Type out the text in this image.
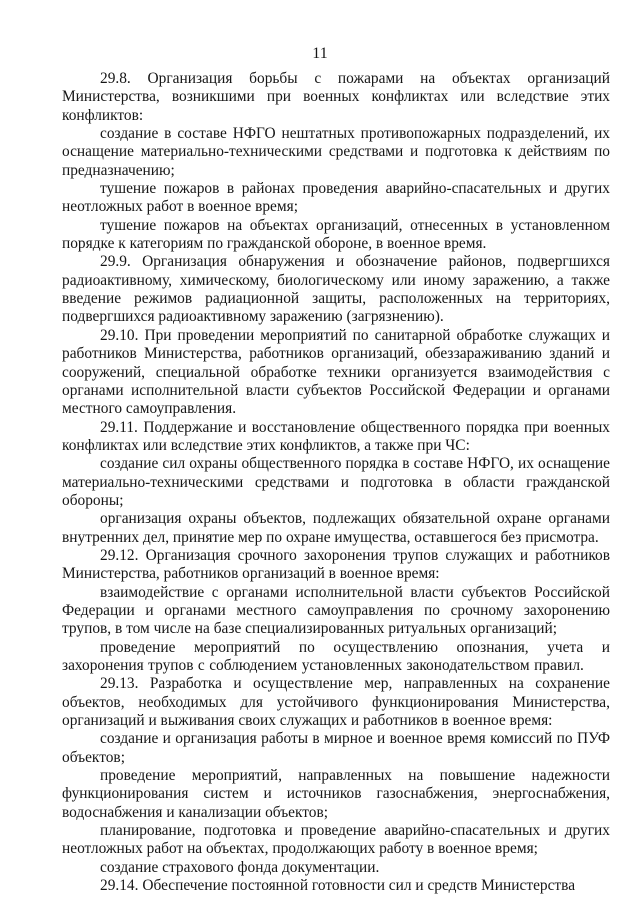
11

29.8. Организация борьбы с пожарами на объектах организаций Министерства, возникшими при военных конфликтах или вследствие этих конфликтов:

создание в составе НФГО нештатных противопожарных подразделений, их оснащение материально-техническими средствами и подготовка к действиям по предназначению;

тушение пожаров в районах проведения аварийно-спасательных и других неотложных работ в военное время;

тушение пожаров на объектах организаций, отнесенных в установленном порядке к категориям по гражданской обороне, в военное время.

29.9. Организация обнаружения и обозначение районов, подвергшихся радиоактивному, химическому, биологическому или иному заражению, а также введение режимов радиационной защиты, расположенных на территориях, подвергшихся радиоактивному заражению (загрязнению).

29.10. При проведении мероприятий по санитарной обработке служащих и работников Министерства, работников организаций, обеззараживанию зданий и сооружений, специальной обработке техники организуется взаимодействия с органами исполнительной власти субъектов Российской Федерации и органами местного самоуправления.

29.11. Поддержание и восстановление общественного порядка при военных конфликтах или вследствие этих конфликтов, а также при ЧС:

создание сил охраны общественного порядка в составе НФГО, их оснащение материально-техническими средствами и подготовка в области гражданской обороны;

организация охраны объектов, подлежащих обязательной охране органами внутренних дел, принятие мер по охране имущества, оставшегося без присмотра.

29.12. Организация срочного захоронения трупов служащих и работников Министерства, работников организаций в военное время:

взаимодействие с органами исполнительной власти субъектов Российской Федерации и органами местного самоуправления по срочному захоронению трупов, в том числе на базе специализированных ритуальных организаций;

проведение мероприятий по осуществлению опознания, учета и захоронения трупов с соблюдением установленных законодательством правил.

29.13. Разработка и осуществление мер, направленных на сохранение объектов, необходимых для устойчивого функционирования Министерства, организаций и выживания своих служащих и работников в военное время:

создание и организация работы в мирное и военное время комиссий по ПУФ объектов;

проведение мероприятий, направленных на повышение надежности функционирования систем и источников газоснабжения, энергоснабжения, водоснабжения и канализации объектов;

планирование, подготовка и проведение аварийно-спасательных и других неотложных работ на объектах, продолжающих работу в военное время;

создание страхового фонда документации.

29.14. Обеспечение постоянной готовности сил и средств Министерства
